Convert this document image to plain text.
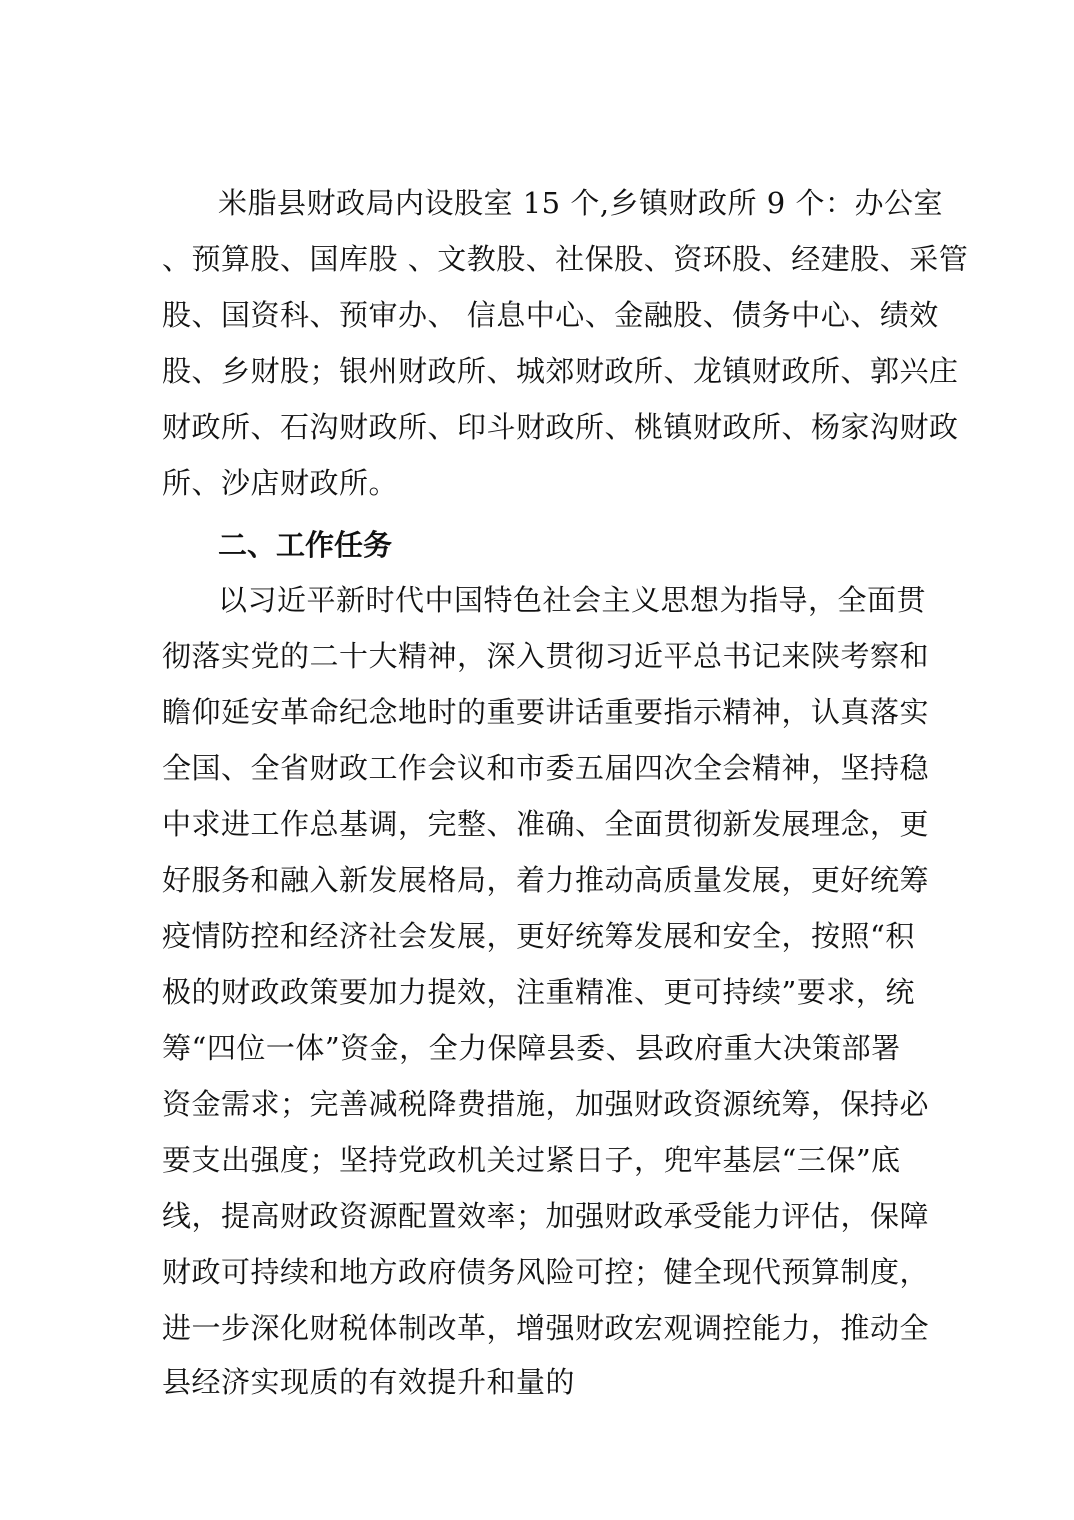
米脂县财政局内设股室 15 个,乡镇财政所 9 个：办公室
、预算股、国库股 、文教股、社保股、资环股、经建股、采管
股、国资科、预审办、 信息中心、金融股、债务中心、绩效
股、乡财股；银州财政所、城郊财政所、龙镇财政所、郭兴庄
财政所、石沟财政所、印斗财政所、桃镇财政所、杨家沟财政
所、沙店财政所。
二、工作任务
以习近平新时代中国特色社会主义思想为指导，全面贯
彻落实党的二十大精神，深入贯彻习近平总书记来陕考察和
瞻仰延安革命纪念地时的重要讲话重要指示精神，认真落实
全国、全省财政工作会议和市委五届四次全会精神，坚持稳
中求进工作总基调，完整、准确、全面贯彻新发展理念，更
好服务和融入新发展格局，着力推动高质量发展，更好统筹
疫情防控和经济社会发展，更好统筹发展和安全，按照“积
极的财政政策要加力提效，注重精准、更可持续”要求，统
筹“四位一体”资金，全力保障县委、县政府重大决策部署
资金需求；完善减税降费措施，加强财政资源统筹，保持必
要支出强度；坚持党政机关过紧日子，兜牢基层“三保”底
线，提高财政资源配置效率；加强财政承受能力评估，保障
财政可持续和地方政府债务风险可控；健全现代预算制度，
进一步深化财税体制改革，增强财政宏观调控能力，推动全
县经济实现质的有效提升和量的
